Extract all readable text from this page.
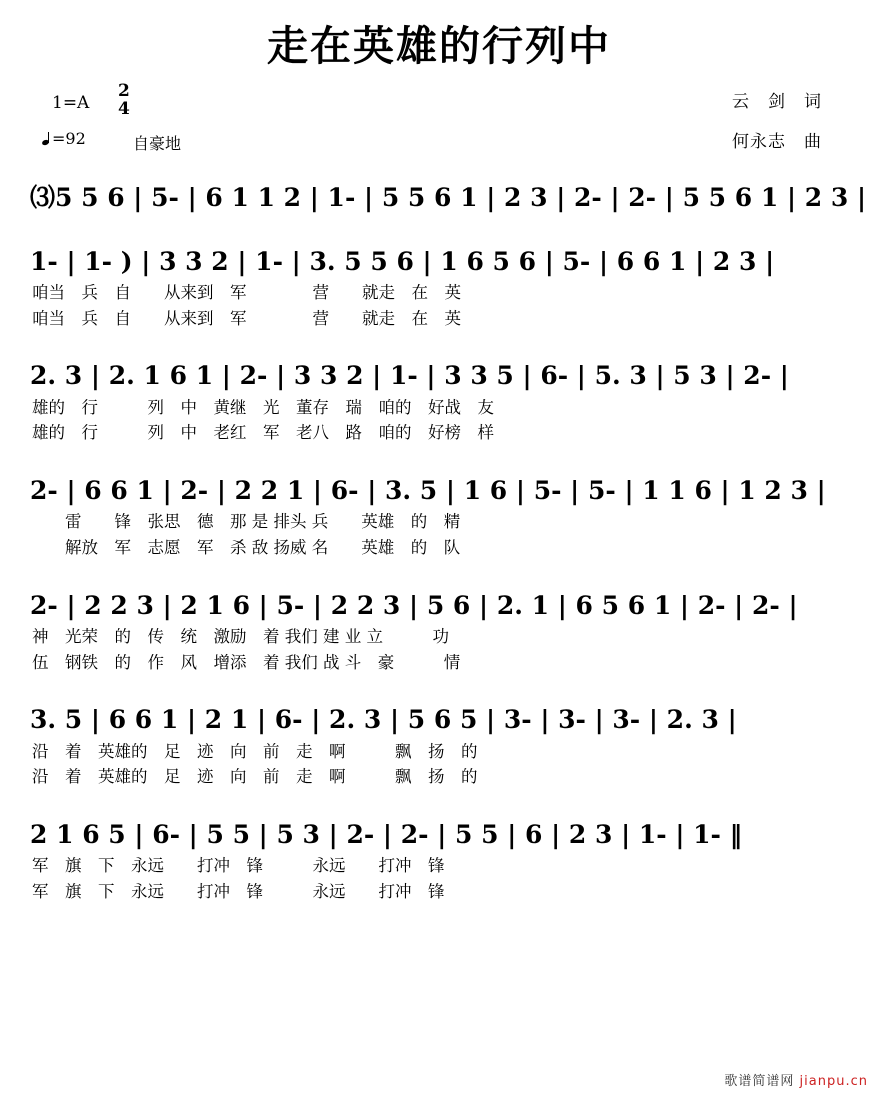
走在英雄的行列中
1=A
2
4
=92	自豪地
云　剑　词
何永志　曲
⑶5 5 6 | 5- | 6 1 1 2 | 1- | 5 5 6 1 | 2 3 | 2- | 2- | 5 5 6 1 | 2 3 |
1- | 1- ) | 3 3 2 | 1- | 3. 5 5 6 | 1 6 5 6 | 5- | 6 6 1 | 2 3 |
咱当　兵　自　　从来到　军　　　　营　　就走　在　英
咱当　兵　自　　从来到　军　　　　营　　就走　在　英
2. 3 | 2. 1 6 1 | 2- | 3 3 2 | 1- | 3 3 5 | 6- | 5. 3 | 5 3 | 2- |
雄的　行　　　列　中　黄继　光　董存　瑞　咱的　好战　友
雄的　行　　　列　中　老红　军　老八　路　咱的　好榜　样
2- | 6 6 1 | 2- | 2 2 1 | 6- | 3. 5 | 1 6 | 5- | 5- | 1 1 6 | 1 2 3 |
　　雷　　锋　张思　德　那 是 排头 兵　　英雄　的　精
　　解放　军　志愿　军　杀 敌 扬威 名　　英雄　的　队
2- | 2 2 3 | 2 1 6 | 5- | 2 2 3 | 5 6 | 2. 1 | 6 5 6 1 | 2- | 2- |
神　光荣　的　传　统　激励　着 我们 建 业 立　　　功
伍　钢铁　的　作　风　增添　着 我们 战 斗　豪　　　情
3. 5 | 6 6 1 | 2 1 | 6- | 2. 3 | 5 6 5 | 3- | 3- | 3- | 2. 3 |
沿　着　英雄的　足　迹　向　前　走　啊　　　飘　扬　的
沿　着　英雄的　足　迹　向　前　走　啊　　　飘　扬　的
2 1 6 5 | 6- | 5 5 | 5 3 | 2- | 2- | 5 5 | 6 | 2 3 | 1- | 1- ‖
军　旗　下　永远　　打冲　锋　　　永远　　打冲　锋
军　旗　下　永远　　打冲　锋　　　永远　　打冲　锋
歌谱简谱网 jianpu.cn
